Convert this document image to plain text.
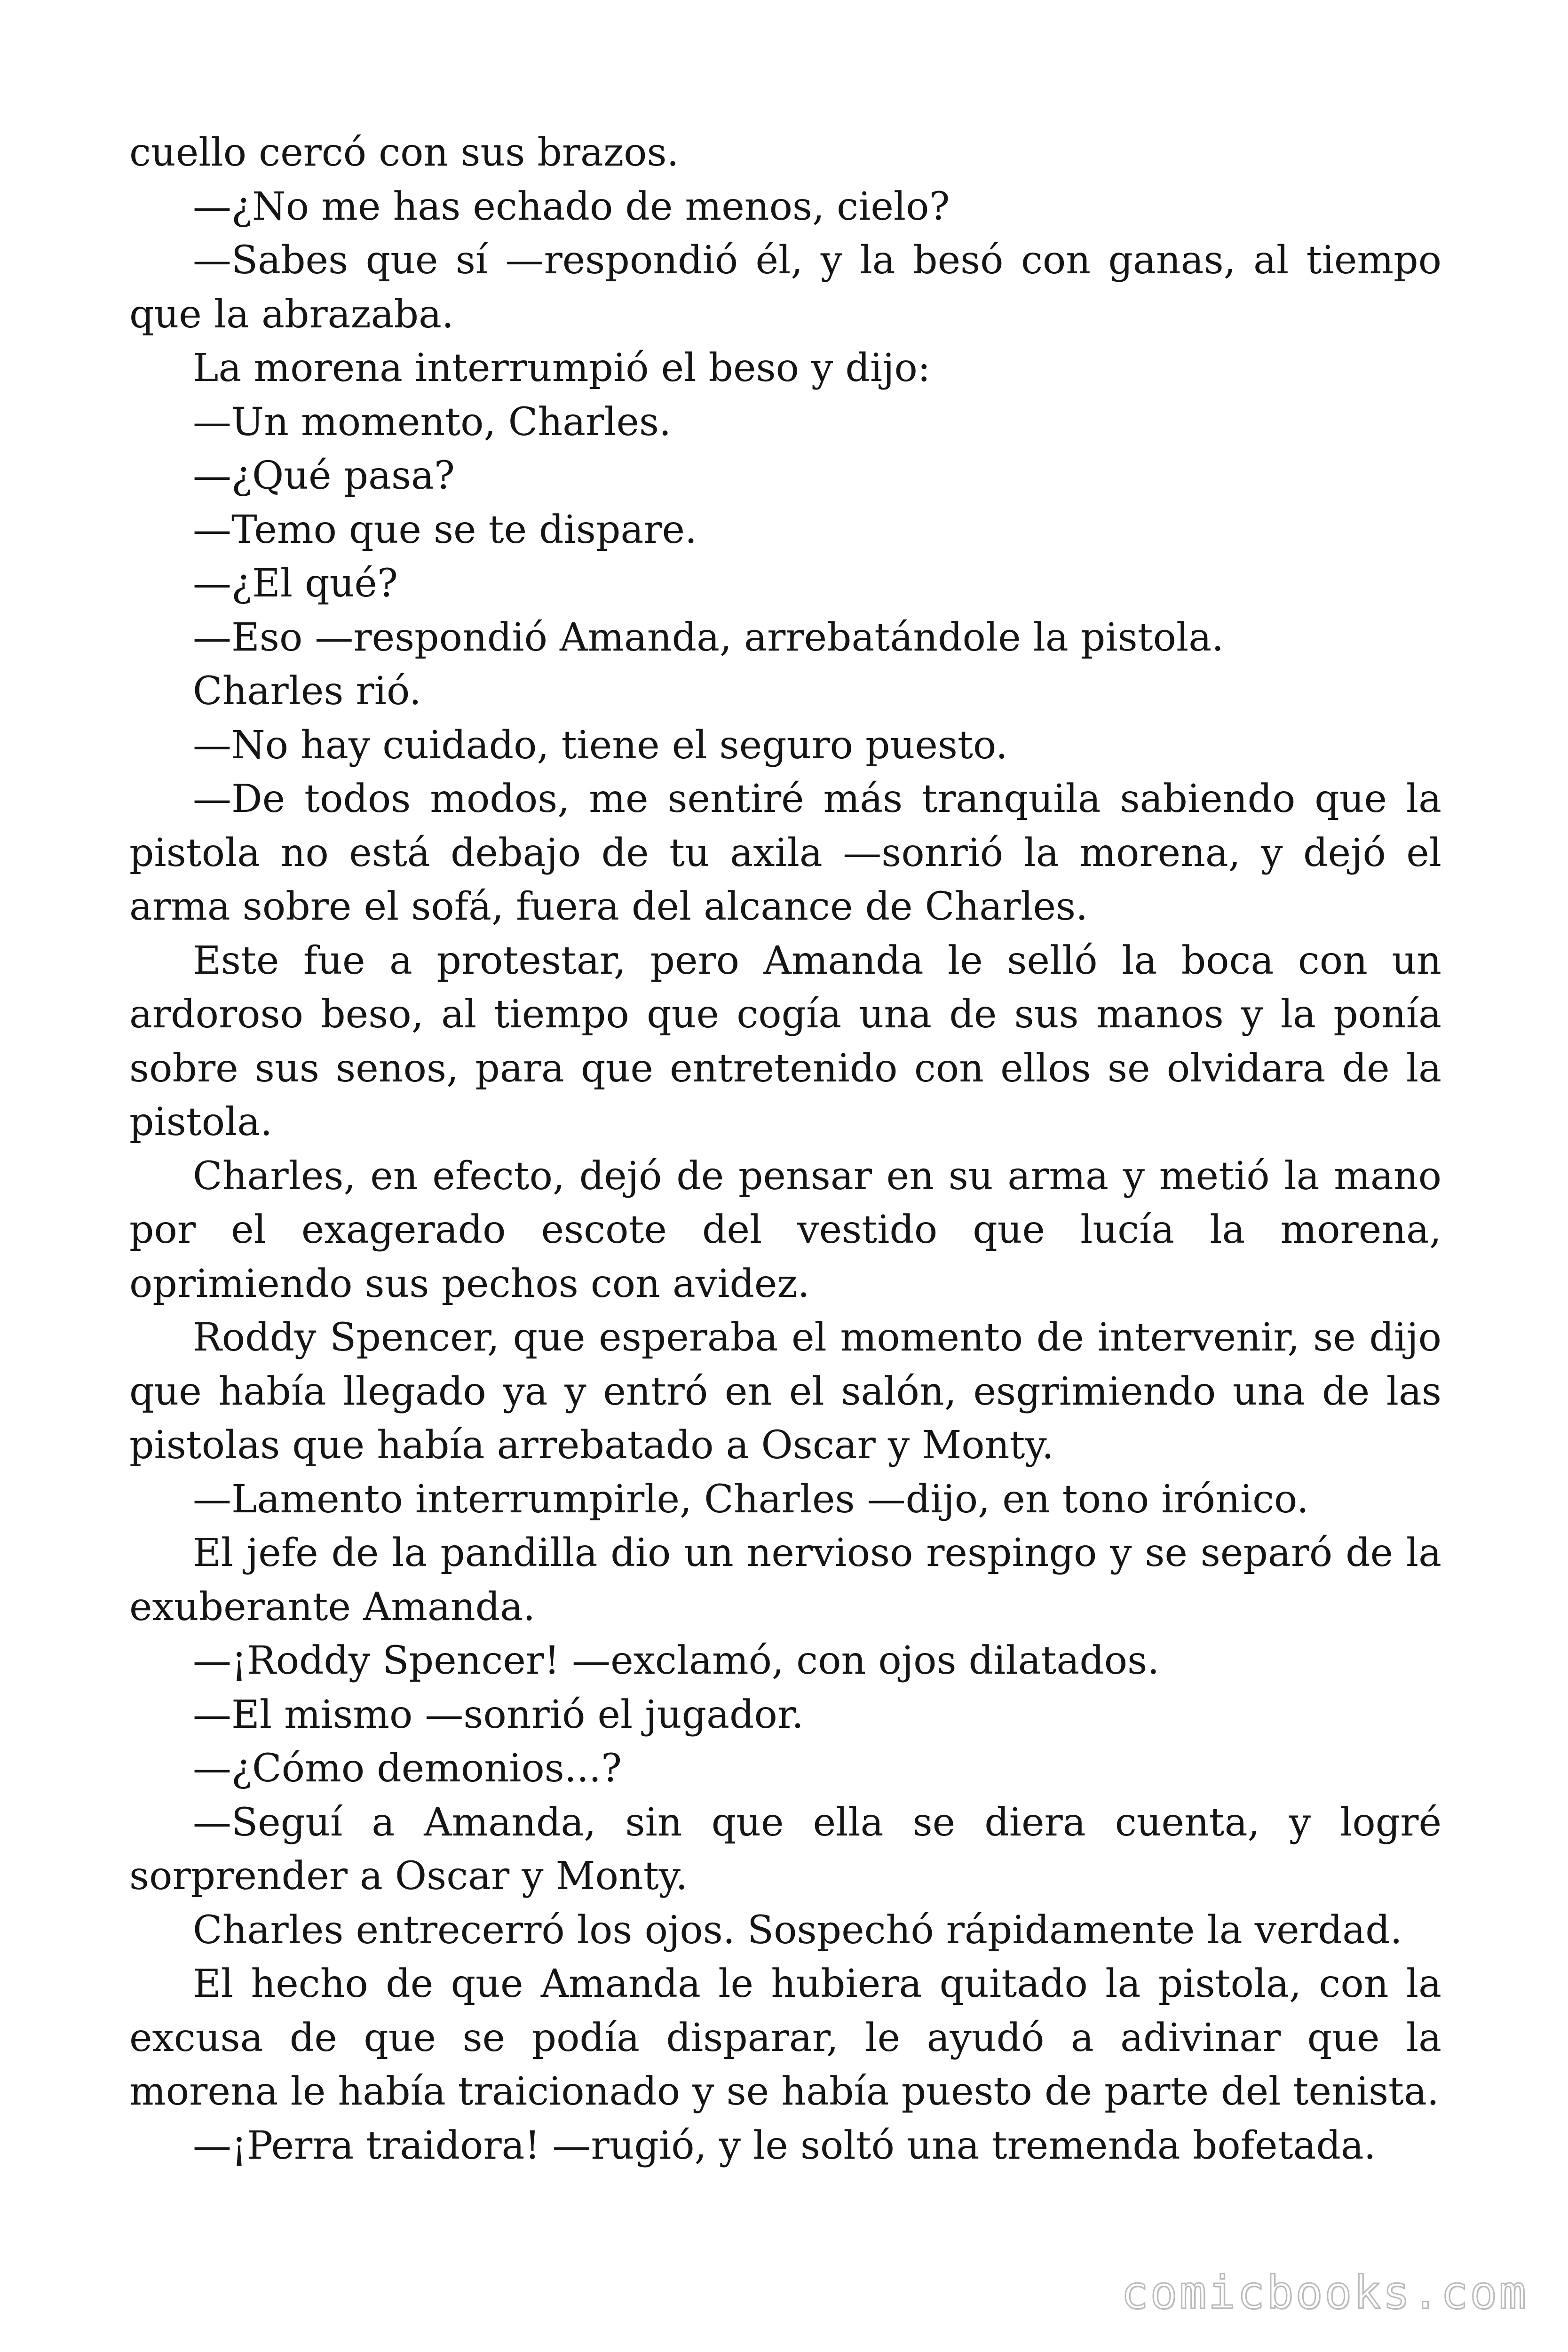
cuello cercó con sus brazos.

—¿No me has echado de menos, cielo?

—Sabes que sí —respondió él, y la besó con ganas, al tiempo que la abrazaba.

La morena interrumpió el beso y dijo:

—Un momento, Charles.

—¿Qué pasa?

—Temo que se te dispare.

—¿El qué?

—Eso —respondió Amanda, arrebatándole la pistola.

Charles rió.

—No hay cuidado, tiene el seguro puesto.

—De todos modos, me sentiré más tranquila sabiendo que la pistola no está debajo de tu axila —sonrió la morena, y dejó el arma sobre el sofá, fuera del alcance de Charles.

Este fue a protestar, pero Amanda le selló la boca con un ardoroso beso, al tiempo que cogía una de sus manos y la ponía sobre sus senos, para que entretenido con ellos se olvidara de la pistola.

Charles, en efecto, dejó de pensar en su arma y metió la mano por el exagerado escote del vestido que lucía la morena, oprimiendo sus pechos con avidez.

Roddy Spencer, que esperaba el momento de intervenir, se dijo que había llegado ya y entró en el salón, esgrimiendo una de las pistolas que había arrebatado a Oscar y Monty.

—Lamento interrumpirle, Charles —dijo, en tono irónico.

El jefe de la pandilla dio un nervioso respingo y se separó de la exuberante Amanda.

—¡Roddy Spencer! —exclamó, con ojos dilatados.

—El mismo —sonrió el jugador.

—¿Cómo demonios...?

—Seguí a Amanda, sin que ella se diera cuenta, y logré sorprender a Oscar y Monty.

Charles entrecerró los ojos. Sospechó rápidamente la verdad.

El hecho de que Amanda le hubiera quitado la pistola, con la excusa de que se podía disparar, le ayudó a adivinar que la morena le había traicionado y se había puesto de parte del tenista.

—¡Perra traidora! —rugió, y le soltó una tremenda bofetada.

comicbooks.com
